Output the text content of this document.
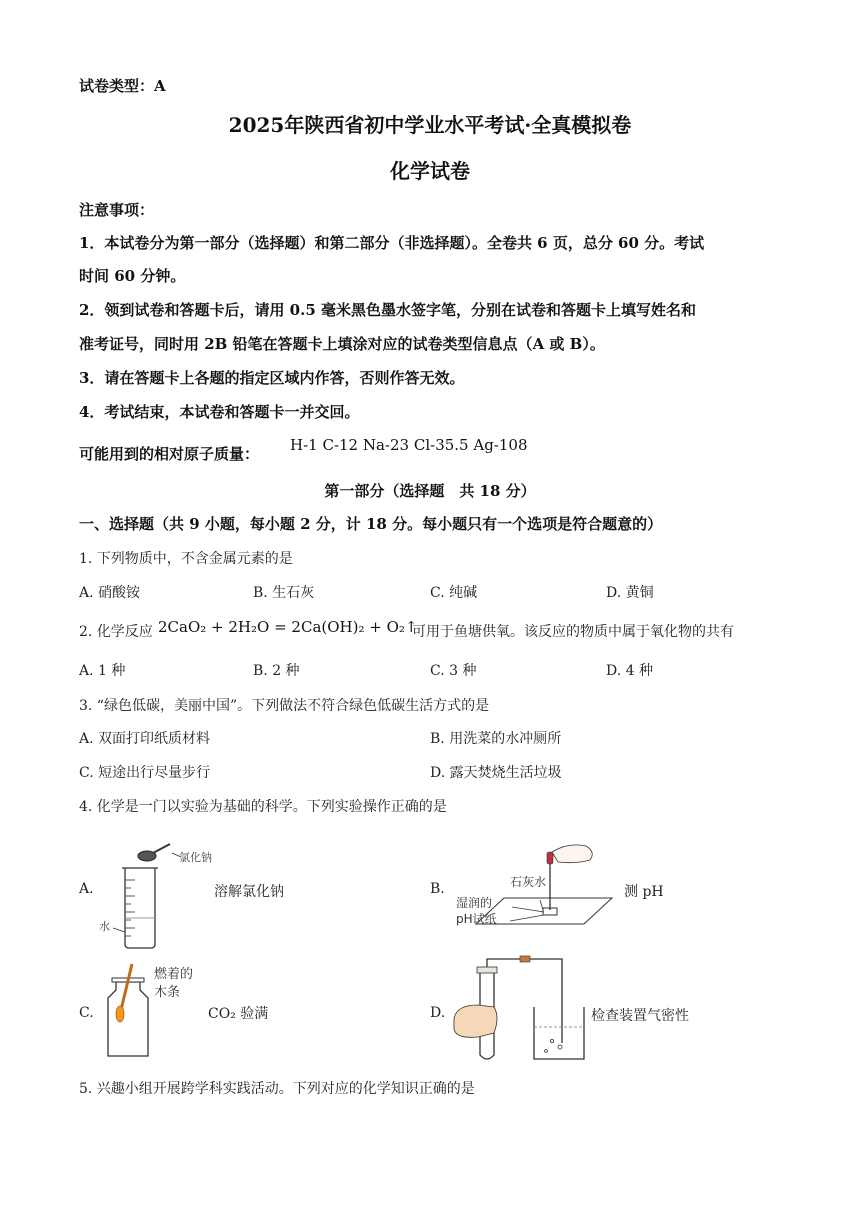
试卷类型：A
2025年陕西省初中学业水平考试·全真模拟卷
化学试卷
注意事项：
1．本试卷分为第一部分（选择题）和第二部分（非选择题）。全卷共 6 页，总分 60 分。考试
时间 60 分钟。
2．领到试卷和答题卡后，请用 0.5 毫米黑色墨水签字笔，分别在试卷和答题卡上填写姓名和
准考证号，同时用 2B 铅笔在答题卡上填涂对应的试卷类型信息点（A 或 B）。
3．请在答题卡上各题的指定区域内作答，否则作答无效。
4．考试结束，本试卷和答题卡一并交回。
可能用到的相对原子质量： H-1 C-12 Na-23 Cl-35.5 Ag-108
第一部分（选择题　共 18 分）
一、选择题（共 9 小题，每小题 2 分，计 18 分。每小题只有一个选项是符合题意的）
1. 下列物质中，不含金属元素的是
A. 硝酸铵	B. 生石灰	C. 纯碱	D. 黄铜
2. 化学反应 2CaO₂ + 2H₂O = 2Ca(OH)₂ + O₂↑
可用于鱼塘供氧。该反应的物质中属于氧化物的共有
A. 1 种	B. 2 种	C. 3 种	D. 4 种
3. “绿色低碳，美丽中国”。下列做法不符合绿色低碳生活方式的是
A. 双面打印纸质材料	B. 用洗菜的水冲厕所
C. 短途出行尽量步行	D. 露天焚烧生活垃圾
4. 化学是一门以实验为基础的科学。下列实验操作正确的是
A.	溶解氯化钠
氯化钠
水
B.	测 pH
石灰水
湿润的
pH试纸
C.	CO₂ 验满
燃着的
木条
D.	检查装置气密性
5. 兴趣小组开展跨学科实践活动。下列对应的化学知识正确的是
